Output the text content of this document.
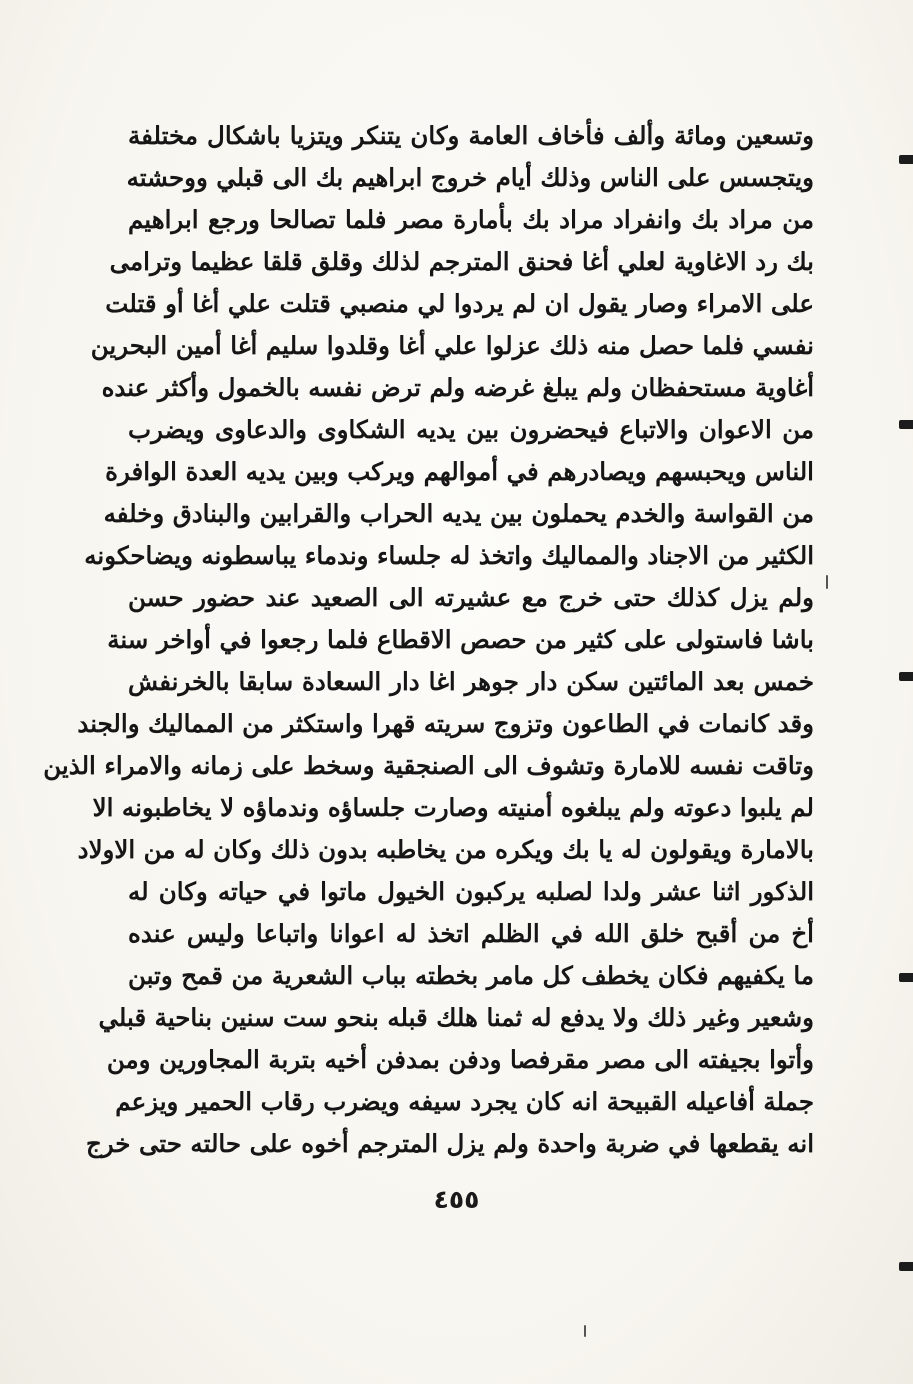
وتسعين ومائة وألف فأخاف العامة وكان يتنكر ويتزيا باشكال مختلفة
ويتجسس على الناس وذلك أيام خروج ابراهيم بك الى قبلي ووحشته
من مراد بك وانفراد مراد بك بأمارة مصر فلما تصالحا ورجع ابراهيم
بك رد الاغاوية لعلي أغا فحنق المترجم لذلك وقلق قلقا عظيما وترامى
على الامراء وصار يقول ان لم يردوا لي منصبي قتلت علي أغا أو قتلت
نفسي فلما حصل منه ذلك عزلوا علي أغا وقلدوا سليم أغا أمين البحرين
أغاوية مستحفظان ولم يبلغ غرضه ولم ترض نفسه بالخمول وأكثر عنده
من الاعوان والاتباع فيحضرون بين يديه الشكاوى والدعاوى ويضرب
الناس ويحبسهم ويصادرهم في أموالهم ويركب وبين يديه العدة الوافرة
من القواسة والخدم يحملون بين يديه الحراب والقرابين والبنادق وخلفه
الكثير من الاجناد والمماليك واتخذ له جلساء وندماء يباسطونه ويضاحكونه
ولم يزل كذلك حتى خرج مع عشيرته الى الصعيد عند حضور حسن
باشا فاستولى على كثير من حصص الاقطاع فلما رجعوا في أواخر سنة
خمس بعد المائتين سكن دار جوهر اغا دار السعادة سابقا بالخرنفش
وقد كانمات في الطاعون وتزوج سريته قهرا واستكثر من المماليك والجند
وتاقت نفسه للامارة وتشوف الى الصنجقية وسخط على زمانه والامراء الذين
لم يلبوا دعوته ولم يبلغوه أمنيته وصارت جلساؤه وندماؤه لا يخاطبونه الا
بالامارة ويقولون له يا بك ويكره من يخاطبه بدون ذلك وكان له من الاولاد
الذكور اثنا عشر ولدا لصلبه يركبون الخيول ماتوا في حياته وكان له
أخ من أقبح خلق الله في الظلم اتخذ له اعوانا واتباعا وليس عنده
ما يكفيهم فكان يخطف كل مامر بخطته بباب الشعرية من قمح وتبن
وشعير وغير ذلك ولا يدفع له ثمنا هلك قبله بنحو ست سنين بناحية قبلي
وأتوا بجيفته الى مصر مقرفصا ودفن بمدفن أخيه بتربة المجاورين ومن
جملة أفاعيله القبيحة انه كان يجرد سيفه ويضرب رقاب الحمير ويزعم
انه يقطعها في ضربة واحدة ولم يزل المترجم أخوه على حالته حتى خرج
٤٥٥
